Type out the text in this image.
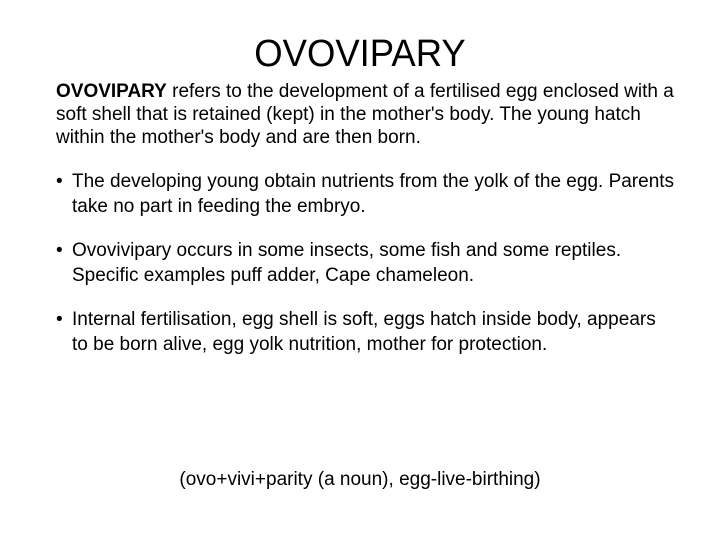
OVOVIPARY

OVOVIPARY refers to the development of a fertilised egg enclosed with a soft shell that is retained (kept) in the mother's body. The young hatch within the mother's body and are then born.

• The developing young obtain nutrients from the yolk of the egg. Parents take no part in feeding the embryo.

• Ovovivipary occurs in some insects, some fish and some reptiles. Specific examples puff adder, Cape chameleon.

• Internal fertilisation, egg shell is soft, eggs hatch inside body, appears to be born alive, egg yolk nutrition, mother for protection.

(ovo+vivi+parity (a noun), egg-live-birthing)
